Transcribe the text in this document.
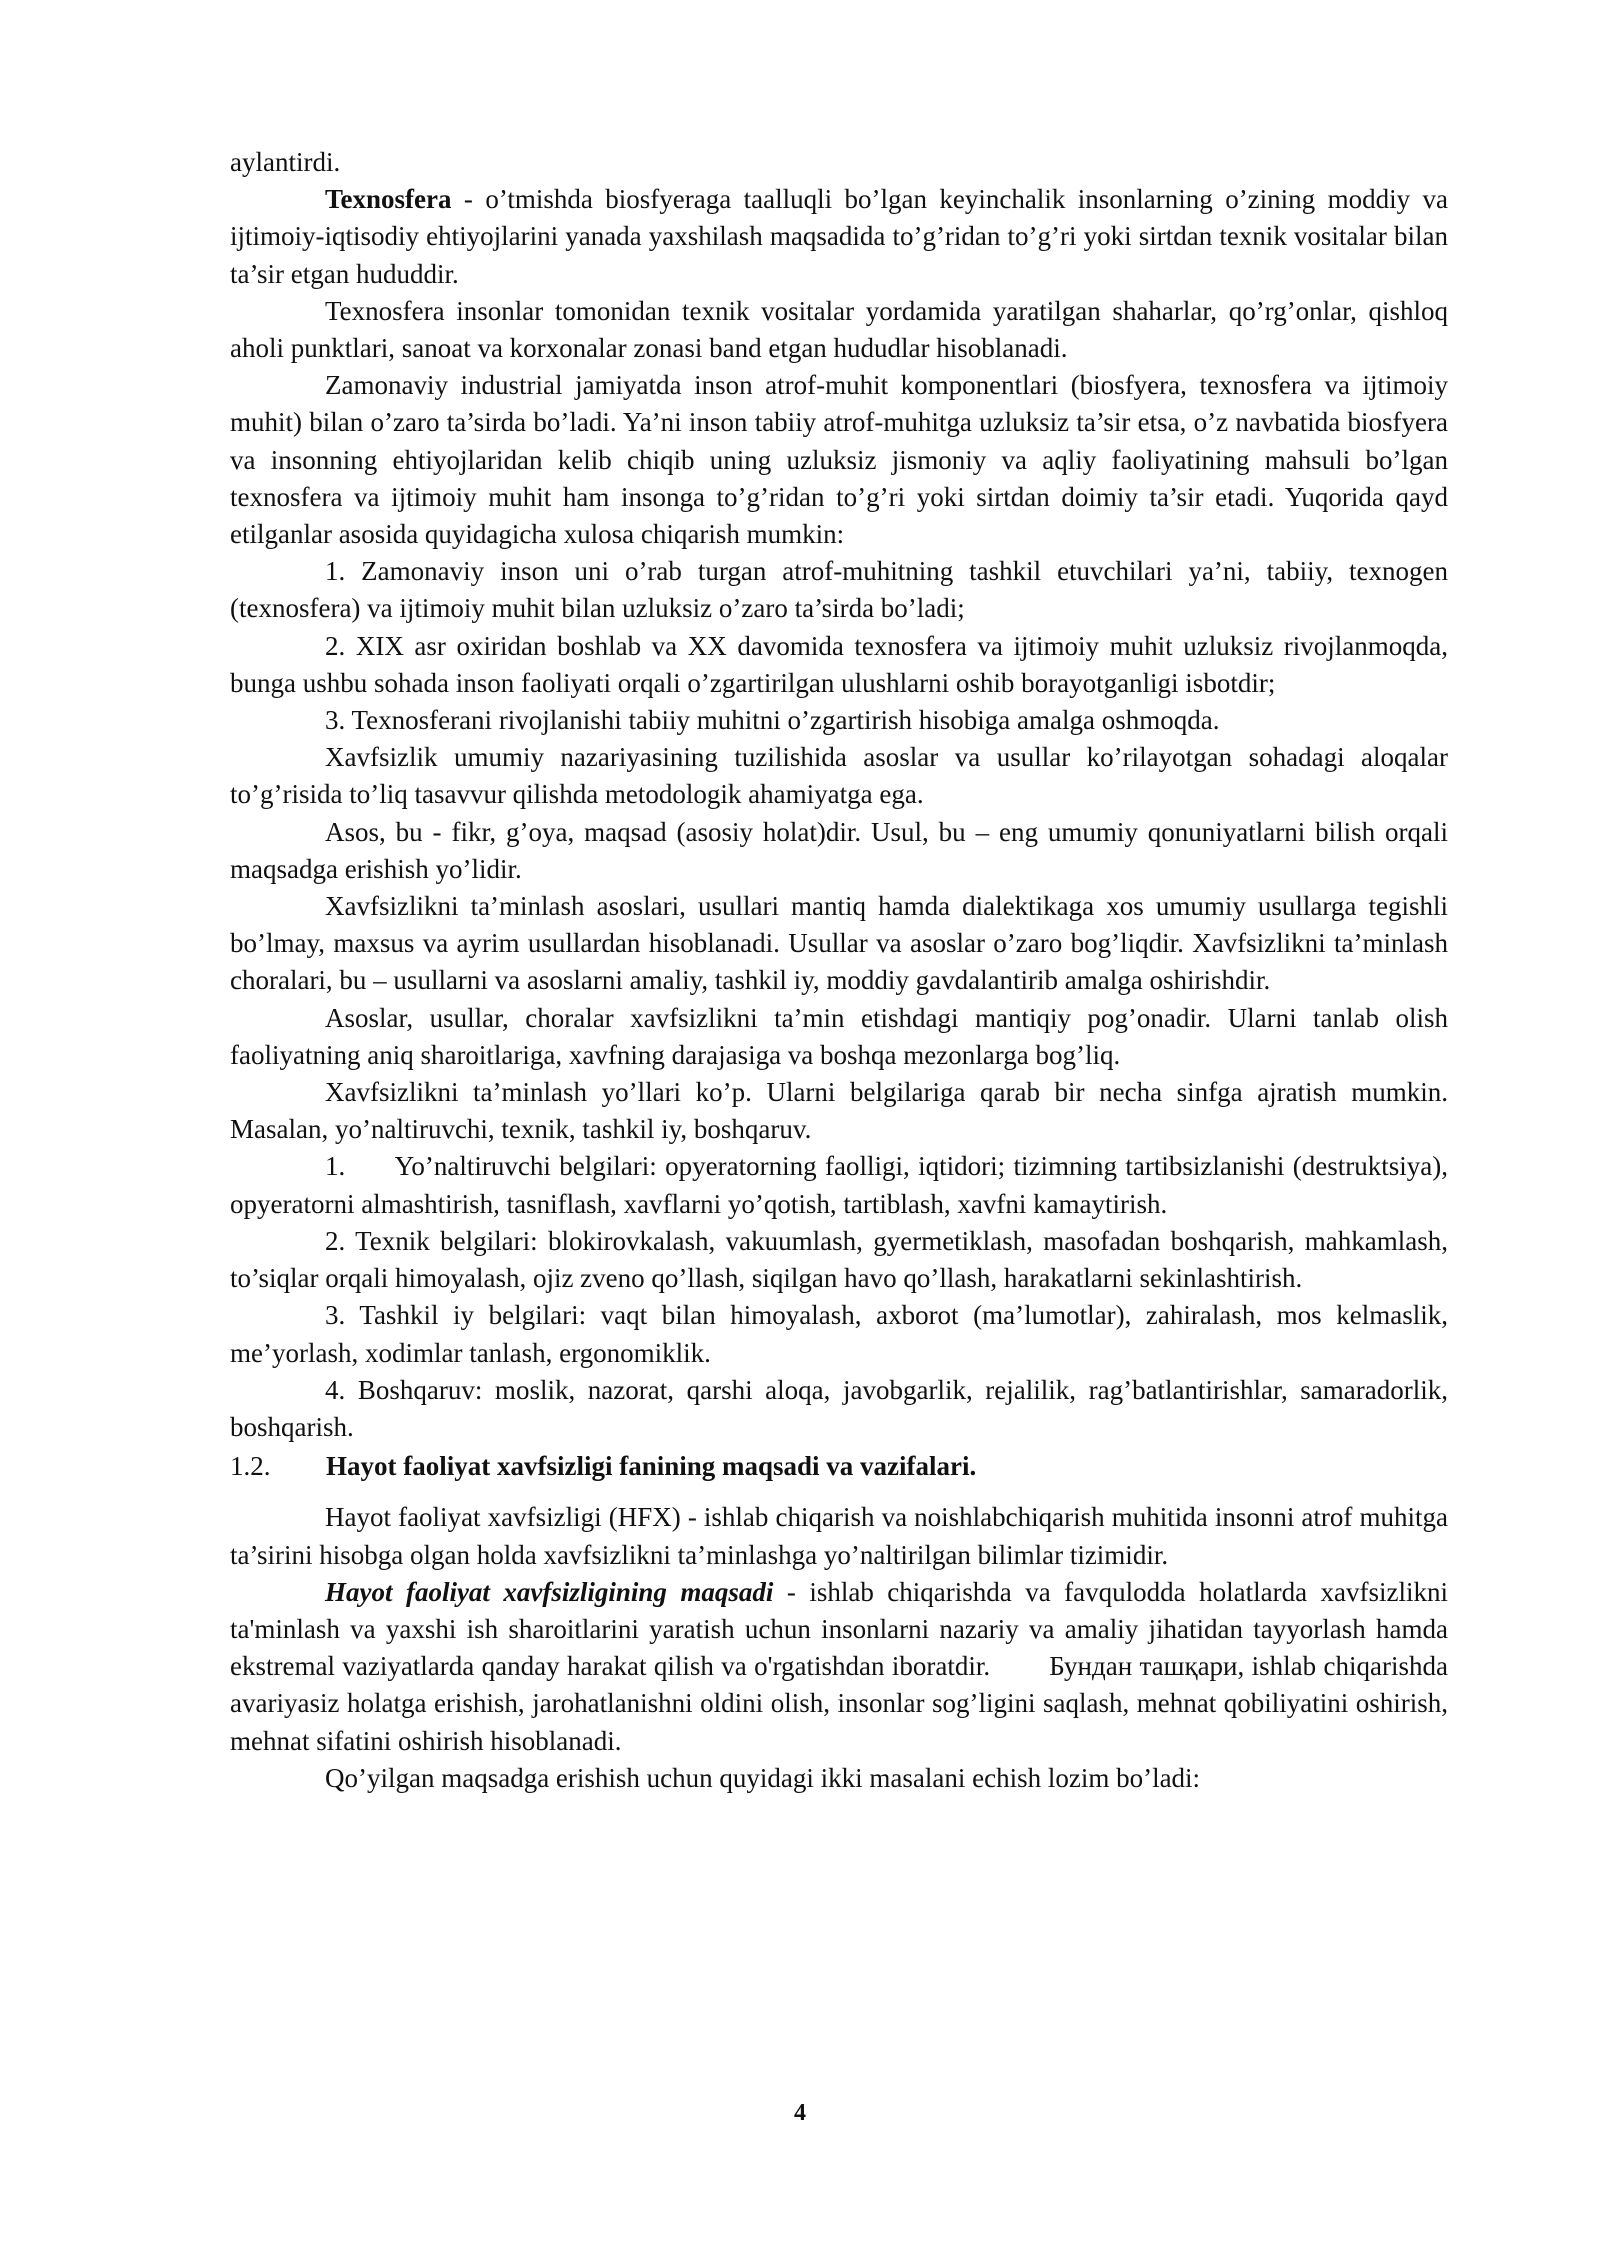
aylantirdi.

Texnosfera - o’tmishda biosfyeraga taalluqli bo’lgan keyinchalik insonlarning o’zining moddiy va ijtimoiy-iqtisodiy ehtiyojlarini yanada yaxshilash maqsadida to’g’ridan to’g’ri yoki sirtdan texnik vositalar bilan ta’sir etgan hududdir.

Texnosfera insonlar tomonidan texnik vositalar yordamida yaratilgan shaharlar, qo’rg’onlar, qishloq aholi punktlari, sanoat va korxonalar zonasi band etgan hududlar hisoblanadi.

Zamonaviy industrial jamiyatda inson atrof-muhit komponentlari (biosfyera, texnosfera va ijtimoiy muhit) bilan o’zaro ta’sirda bo’ladi. Ya’ni inson tabiiy atrof-muhitga uzluksiz ta’sir etsa, o’z navbatida biosfyera va insonning ehtiyojlaridan kelib chiqib uning uzluksiz jismoniy va aqliy faoliyatining mahsuli bo’lgan texnosfera va ijtimoiy muhit ham insonga to’g’ridan to’g’ri yoki sirtdan doimiy ta’sir etadi. Yuqorida qayd etilganlar asosida quyidagicha xulosa chiqarish mumkin:

1. Zamonaviy inson uni o’rab turgan atrof-muhitning tashkil etuvchilari ya’ni, tabiiy, texnogen (texnosfera) va ijtimoiy muhit bilan uzluksiz o’zaro ta’sirda bo’ladi;

2. XIX asr oxiridan boshlab va XX davomida texnosfera va ijtimoiy muhit uzluksiz rivojlanmoqda, bunga ushbu sohada inson faoliyati orqali o’zgartirilgan ulushlarni oshib borayotganligi isbotdir;

3. Texnosferani rivojlanishi tabiiy muhitni o’zgartirish hisobiga amalga oshmoqda.

Xavfsizlik umumiy nazariyasining tuzilishida asoslar va usullar ko’rilayotgan sohadagi aloqalar to’g’risida to’liq tasavvur qilishda metodologik ahamiyatga ega.

Asos, bu - fikr, g’oya, maqsad (asosiy holat)dir. Usul, bu – eng umumiy qonuniyatlarni bilish orqali maqsadga erishish yo’lidir.

Xavfsizlikni ta’minlash asoslari, usullari mantiq hamda dialektikaga xos umumiy usullarga tegishli bo’lmay, maxsus va ayrim usullardan hisoblanadi. Usullar va asoslar o’zaro bog’liqdir. Xavfsizlikni ta’minlash choralari, bu – usullarni va asoslarni amaliy, tashkil iy, moddiy gavdalantirib amalga oshirishdir.

Asoslar, usullar, choralar xavfsizlikni ta’min etishdagi mantiqiy pog’onadir. Ularni tanlab olish faoliyatning aniq sharoitlariga, xavfning darajasiga va boshqa mezonlarga bog’liq.

Xavfsizlikni ta’minlash yo’llari ko’p. Ularni belgilariga qarab bir necha sinfga ajratish mumkin. Masalan, yo’naltiruvchi, texnik, tashkil iy, boshqaruv.

1.      Yo’naltiruvchi belgilari: opyeratorning faolligi, iqtidori; tizimning tartibsizlanishi (destruktsiya), opyeratorni almashtirish, tasniflash, xavflarni yo’qotish, tartiblash, xavfni kamaytirish.

2. Texnik belgilari: blokirovkalash, vakuumlash, gyermetiklash, masofadan boshqarish, mahkamlash, to’siqlar orqali himoyalash, ojiz zveno qo’llash, siqilgan havo qo’llash, harakatlarni sekinlashtirish.

3. Tashkil iy belgilari: vaqt bilan himoyalash, axborot (ma’lumotlar), zahiralash, mos kelmaslik, me’yorlash, xodimlar tanlash, ergonomiklik.

4. Boshqaruv: moslik, nazorat, qarshi aloqa, javobgarlik, rejalilik, rag’batlantirishlar, samaradorlik, boshqarish.

1.2.	Hayot faoliyat xavfsizligi fanining maqsadi va vazifalari.

Hayot faoliyat xavfsizligi (HFX) - ishlab chiqarish va noishlabchiqarish muhitida insonni atrof muhitga ta’sirini hisobga olgan holda xavfsizlikni ta’minlashga yo’naltirilgan bilimlar tizimidir.

Hayot faoliyat xavfsizligining maqsadi - ishlab chiqarishda va favqulodda holatlarda xavfsizlikni ta'minlash va yaxshi ish sharoitlarini yaratish uchun insonlarni nazariy va amaliy jihatidan tayyorlash hamda ekstremal vaziyatlarda qanday harakat qilish va o'rgatishdan iboratdir.        Бундан ташқари, ishlab chiqarishda avariyasiz holatga erishish, jarohatlanishni oldini olish, insonlar sog’ligini saqlash, mehnat qobiliyatini oshirish, mehnat sifatini oshirish hisoblanadi.

Qo’yilgan maqsadga erishish uchun quyidagi ikki masalani echish lozim bo’ladi:

4
